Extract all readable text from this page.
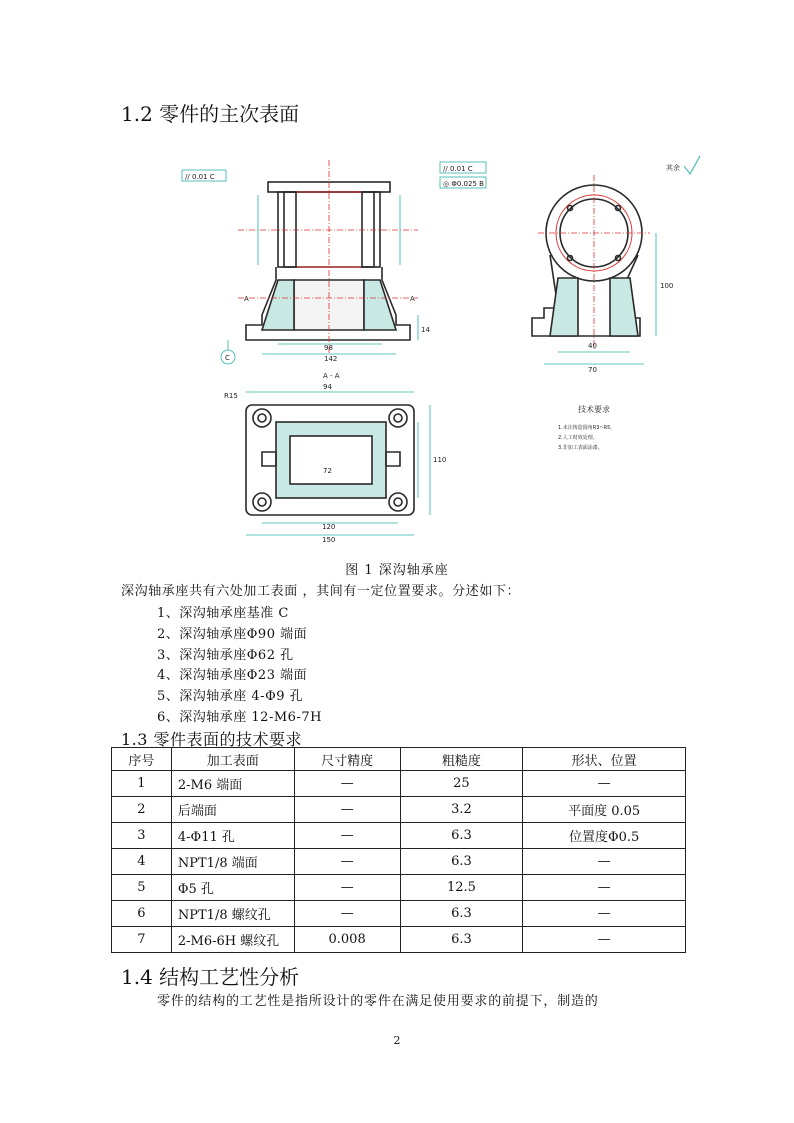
1.2 零件的主次表面
98
142
14
A	A
// 0.01 C
// 0.01 C
◎ Φ0.025 B
C
A - A
120
150
94
72
R15
110
40
70
100
其余
技术要求
1.未注铸造圆角R3~R5。
2.人工时效处理。
3.非加工表面涂漆。
图 1 深沟轴承座
深沟轴承座共有六处加工表面 ，其间有一定位置要求。分述如下：
1、深沟轴承座基准 C
2、深沟轴承座Φ90 端面
3、深沟轴承座Φ62 孔
4、深沟轴承座Φ23 端面
5、深沟轴承座 4-Φ9 孔
6、深沟轴承座 12-M6-7H
1.3 零件表面的技术要求
序号	加工表面	尺寸精度	粗糙度	形状、位置
1	2-M6 端面	—	25	—
2	后端面	—	3.2	平面度 0.05
3	4-Φ11 孔	—	6.3	位置度Φ0.5
4	NPT1/8 端面	—	6.3	—
5	Φ5 孔	—	12.5	—
6	NPT1/8 螺纹孔	—	6.3	—
7	2-M6-6H 螺纹孔	0.008	6.3	—
1.4 结构工艺性分析
零件的结构的工艺性是指所设计的零件在满足使用要求的前提下，制造的
2
